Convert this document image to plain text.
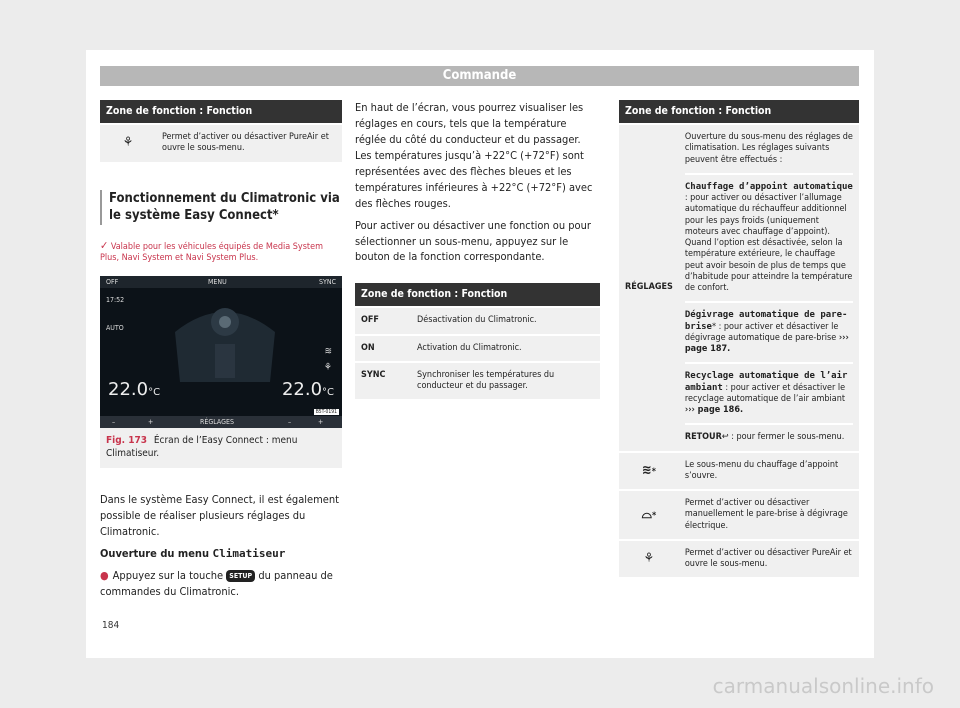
Commande
Zone de fonction : Fonction
⚘	Permet d’activer ou désactiver PureAir et ouvre le sous-menu.
Fonctionnement du Climatronic via le système Easy Connect*
✓ Valable pour les véhicules équipés de Media System Plus, Navi System et Navi System Plus.
OFF	MENU	SYNC
17:52
AUTO
≋
⚘
22.0°C	22.0°C
–	+	RÉGLAGES	–	+
B5T-0191
Fig. 173 Écran de l’Easy Connect : menu Climatiseur.

Dans le système Easy Connect, il est également possible de réaliser plusieurs réglages du Climatronic.

Ouverture du menu Climatiseur

● Appuyez sur la touche SETUP du panneau de commandes du Climatronic.

En haut de l’écran, vous pourrez visualiser les réglages en cours, tels que la température réglée du côté du conducteur et du passager. Les températures jusqu’à +22°C (+72°F) sont représentées avec des flèches bleues et les températures inférieures à +22°C (+72°F) avec des flèches rouges.

Pour activer ou désactiver une fonction ou pour sélectionner un sous-menu, appuyez sur le bouton de la fonction correspondante.

Zone de fonction : Fonction	
OFF	Désactivation du Climatronic.
ON	Activation du Climatronic.
SYNC	Synchroniser les températures du conducteur et du passager.
Zone de fonction : Fonction	
RÉGLAGES	Ouverture du sous-menu des réglages de climatisation. Les réglages suivants peuvent être effectués :
Chauffage d’appoint automatique : pour activer ou désactiver l’allumage automatique du réchauffeur additionnel pour les pays froids (uniquement moteurs avec chauffage d’appoint). Quand l’option est désactivée, selon la température extérieure, le chauffage peut avoir besoin de plus de temps que d’habitude pour atteindre la température de confort.
Dégivrage automatique de pare-brise* : pour activer et désactiver le dégivrage automatique de pare-brise ››› page 187.
Recyclage automatique de l’air ambiant : pour activer et désactiver le recyclage automatique de l’air ambiant ››› page 186.
RETOUR↩ : pour fermer le sous-menu.

≋*	Le sous-menu du chauffage d’appoint s’ouvre.
⌓*	Permet d’activer ou désactiver manuellement le pare-brise à dégivrage électrique.
⚘	Permet d’activer ou désactiver PureAir et ouvre le sous-menu.
184
carmanualsonline.info
